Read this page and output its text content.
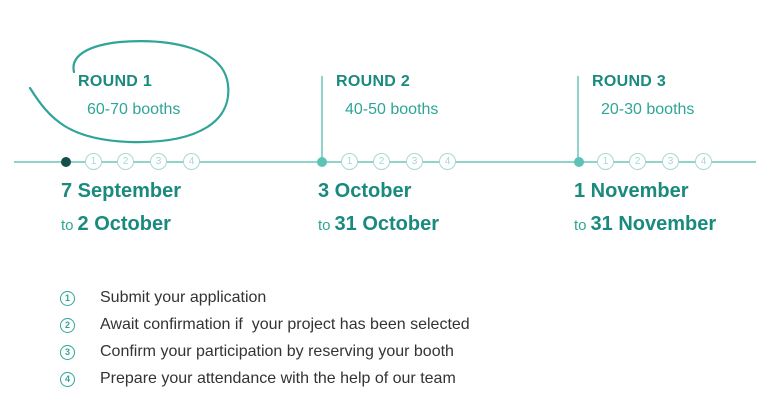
ROUND 1
60-70 booths
ROUND 2
40-50 booths
ROUND 3
20-30 booths
1	2	3	4	1	2	3	4	1	2	3	4
7 September
to 2 October
3 October
to 31 October
1 November
to 31 November
1	Submit your application
2	Await confirmation if  your project has been selected
3	Confirm your participation by reserving your booth
4	Prepare your attendance with the help of our team
